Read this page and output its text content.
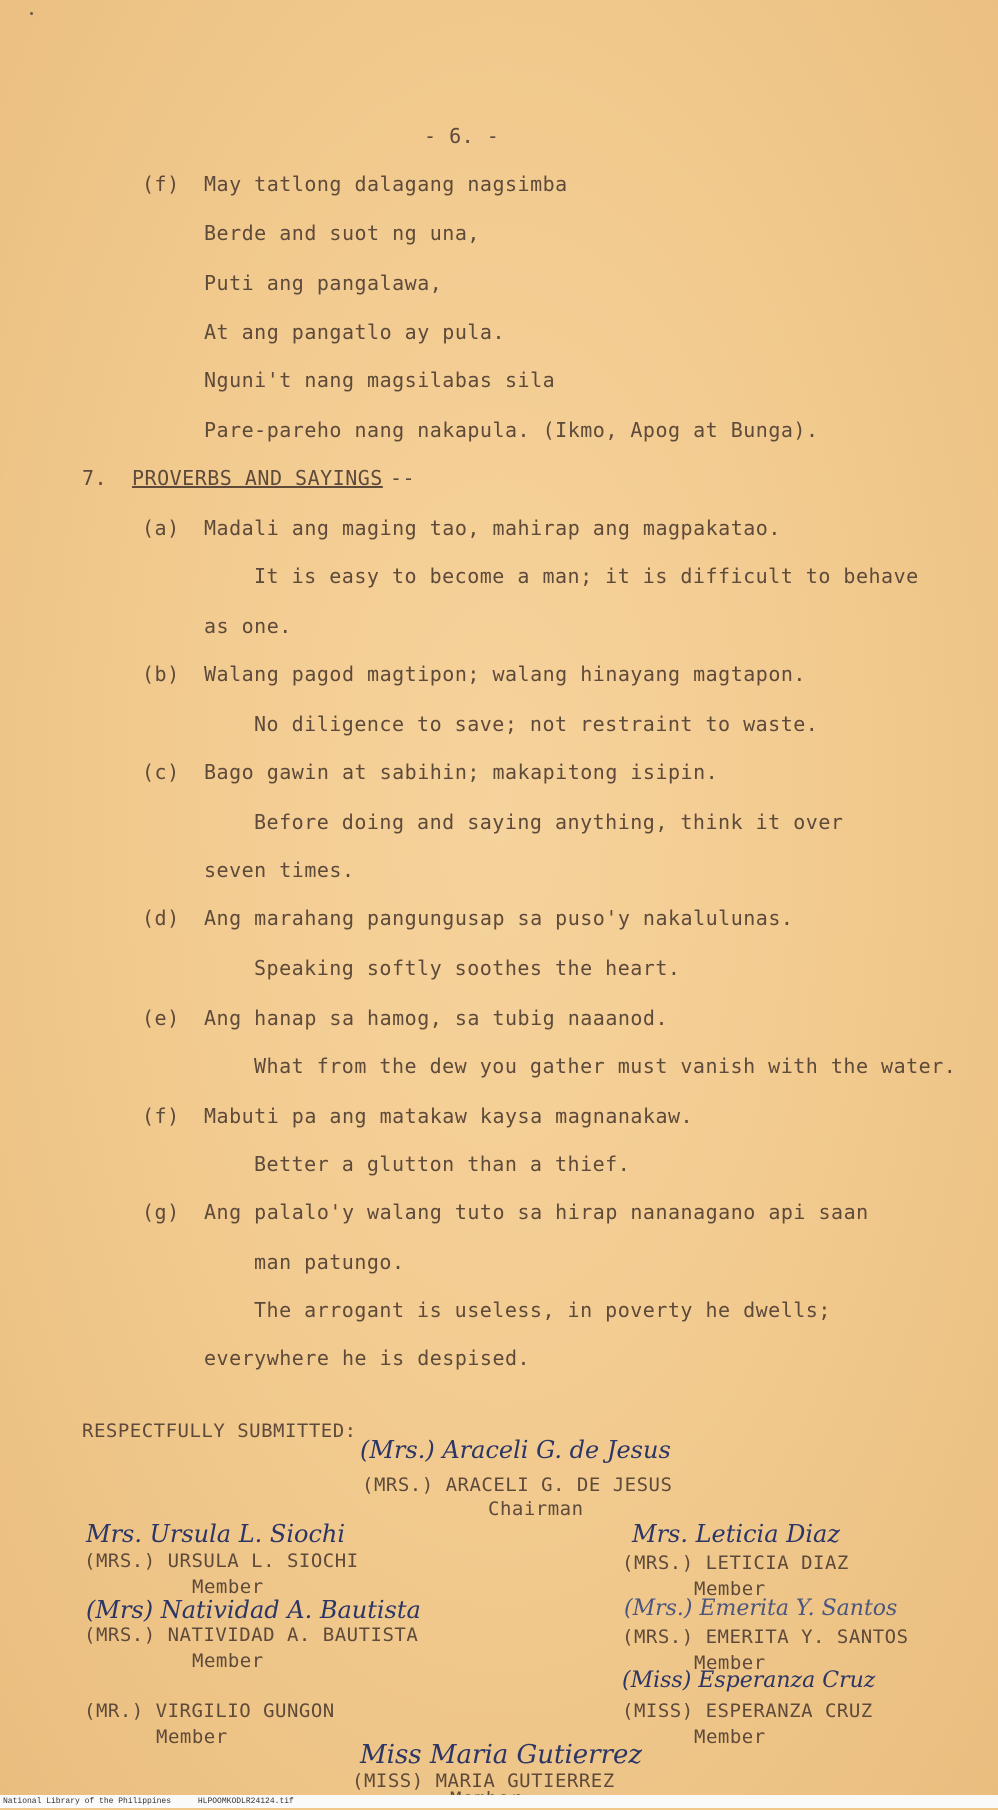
- 6. -
(f) May tatlong dalagang nagsimba
Berde and suot ng una,
Puti ang pangalawa,
At ang pangatlo ay pula.
Nguni't nang magsilabas sila
Pare-pareho nang nakapula. (Ikmo, Apog at Bunga).
7. PROVERBS AND SAYINGS --
(a) Madali ang maging tao, mahirap ang magpakatao.
It is easy to become a man; it is difficult to behave
as one.
(b) Walang pagod magtipon; walang hinayang magtapon.
No diligence to save; not restraint to waste.
(c) Bago gawin at sabihin; makapitong isipin.
Before doing and saying anything, think it over
seven times.
(d) Ang marahang pangungusap sa puso'y nakalulunas.
Speaking softly soothes the heart.
(e) Ang hanap sa hamog, sa tubig naaanod.
What from the dew you gather must vanish with the water.
(f) Mabuti pa ang matakaw kaysa magnanakaw.
Better a glutton than a thief.
(g) Ang palalo'y walang tuto sa hirap nananagano api saan
man patungo.
The arrogant is useless, in poverty he dwells;
everywhere he is despised.
RESPECTFULLY SUBMITTED:
(Mrs.) Araceli G. de Jesus
(MRS.) ARACELI G. DE JESUS
Chairman
Mrs. Ursula L. Siochi
(MRS.) URSULA L. SIOCHI
Member
Mrs. Leticia Diaz
(MRS.) LETICIA DIAZ
Member
(Mrs) Natividad A. Bautista
(MRS.) NATIVIDAD A. BAUTISTA
Member
(Mrs.) Emerita Y. Santos
(MRS.) EMERITA Y. SANTOS
Member
(MR.) VIRGILIO GUNGON
Member
(Miss) Esperanza Cruz
(MISS) ESPERANZA CRUZ
Member
Miss Maria Gutierrez
(MISS) MARIA GUTIERREZ
National Library of the Philippines	HLPOOMKODLR24124.tif
